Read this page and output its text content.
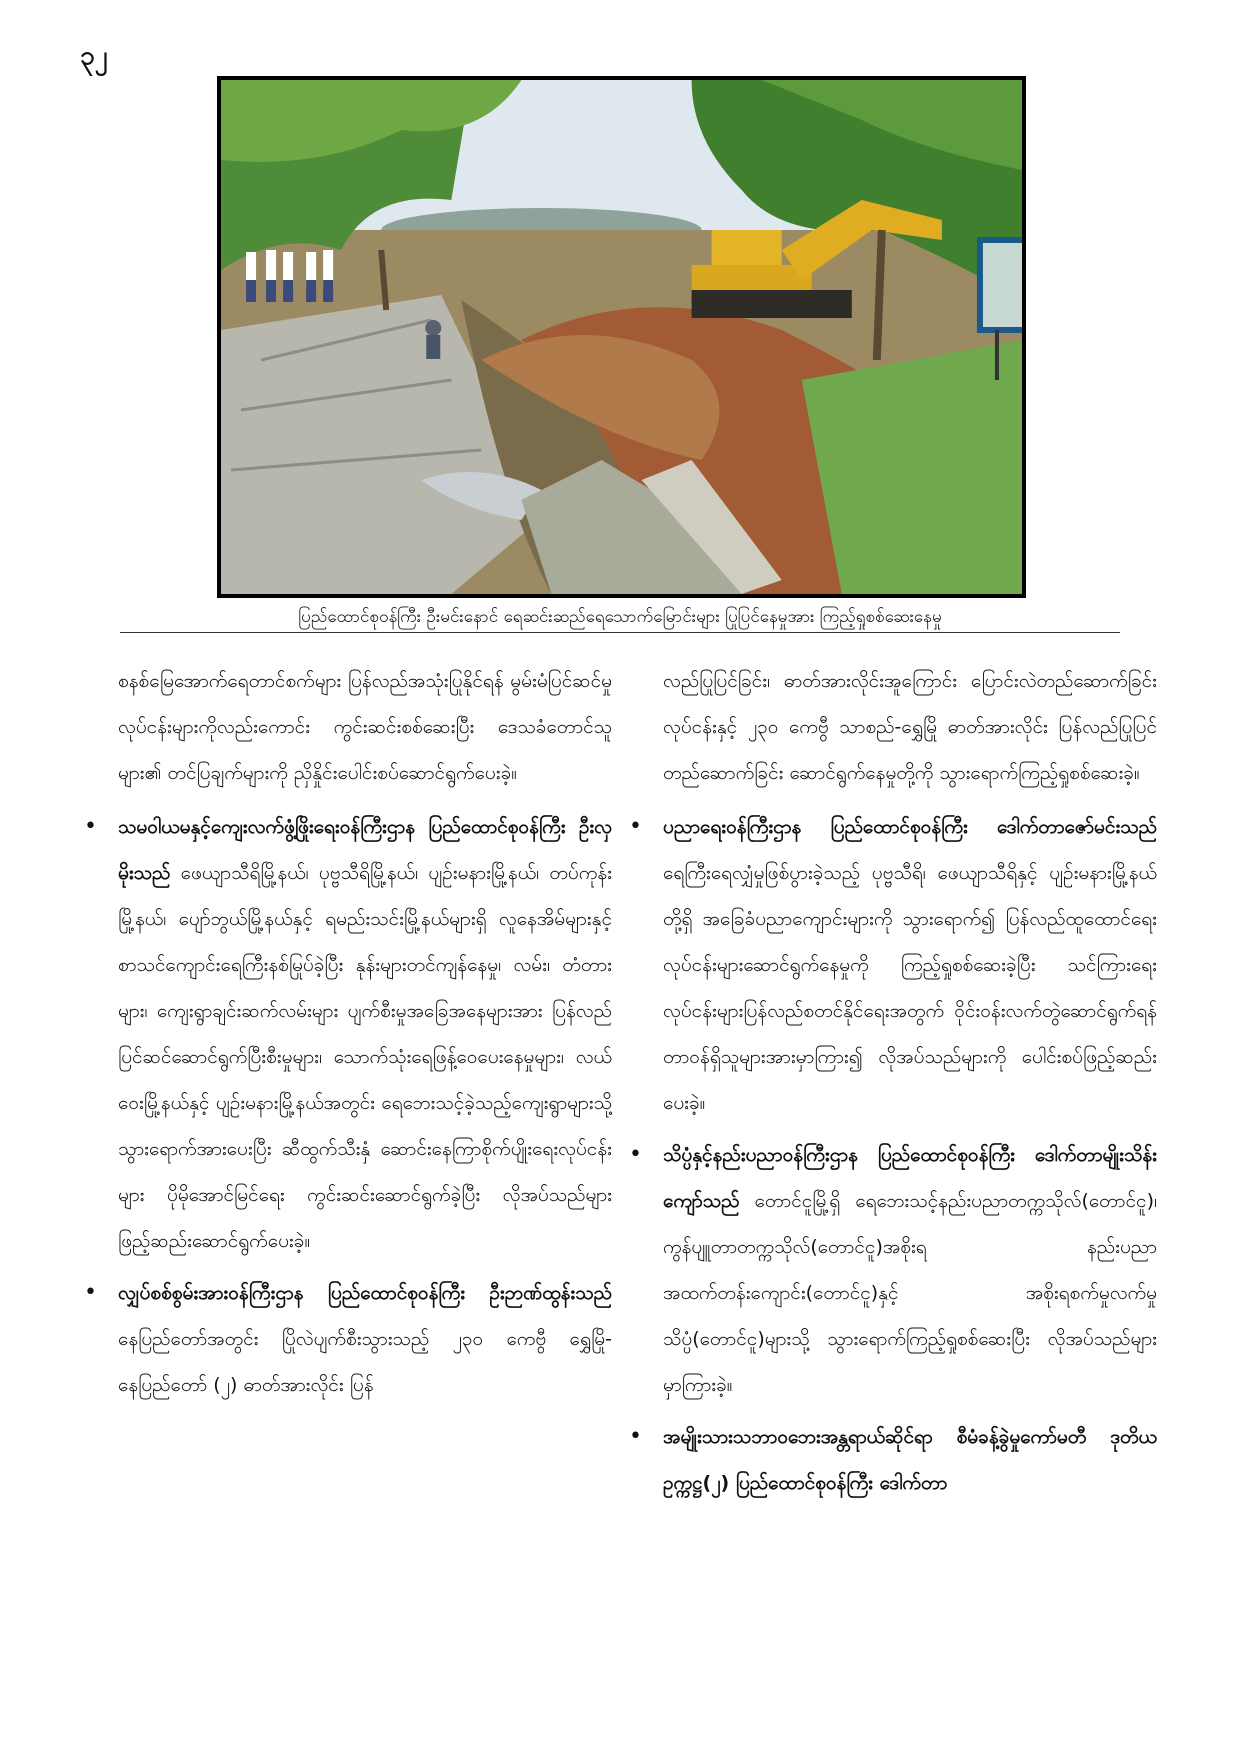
၃၂
ပြည်ထောင်စုဝန်ကြီး ဦးမင်းနောင် ရေဆင်းဆည်ရေသောက်မြောင်းများ ပြုပြင်နေမှုအား ကြည့်ရှုစစ်ဆေးနေမှု

စနစ်မြေအောက်ရေတာင်စက်များ ပြန်လည်အသုံးပြုနိုင်ရန် မွမ်းမံပြင်ဆင်မှုလုပ်ငန်းများကိုလည်းကောင်း ကွင်းဆင်းစစ်ဆေးပြီး ဒေသခံတောင်သူများ၏ တင်ပြချက်များကို ညှိနှိုင်းပေါင်းစပ်ဆောင်ရွက်ပေးခဲ့။

• သမဝါယမနှင့်ကျေးလက်ဖွံ့ဖြိုးရေးဝန်ကြီးဌာန ပြည်ထောင်စုဝန်ကြီး ဦးလှမိုးသည် ဖေယျာသီရိမြို့နယ်၊ ပုဗ္ဗသီရိမြို့နယ်၊ ပျဉ်းမနားမြို့နယ်၊ တပ်ကုန်းမြို့နယ်၊ ပျော်ဘွယ်မြို့နယ်နှင့် ရမည်းသင်းမြို့နယ်များရှိ လူနေအိမ်များနှင့် စာသင်ကျောင်းရေကြီးနစ်မြုပ်ခဲ့ပြီး နုန်းများတင်ကျန်နေမှု၊ လမ်း၊ တံတားများ၊ ကျေးရွာချင်းဆက်လမ်းများ ပျက်စီးမှုအခြေအနေများအား ပြန်လည်ပြင်ဆင်ဆောင်ရွက်ပြီးစီးမှုများ၊ သောက်သုံးရေဖြန့်ဝေပေးနေမှုများ၊ လယ်ဝေးမြို့နယ်နှင့် ပျဉ်းမနားမြို့နယ်အတွင်း ရေဘေးသင့်ခဲ့သည့်ကျေးရွာများသို့ သွားရောက်အားပေးပြီး ဆီထွက်သီးနှံ ဆောင်းနေကြာစိုက်ပျိုးရေးလုပ်ငန်းများ ပိုမိုအောင်မြင်ရေး ကွင်းဆင်းဆောင်ရွက်ခဲ့ပြီး လိုအပ်သည်များဖြည့်ဆည်းဆောင်ရွက်ပေးခဲ့။
• လျှပ်စစ်စွမ်းအားဝန်ကြီးဌာန ပြည်ထောင်စုဝန်ကြီး ဦးဉာဏ်ထွန်းသည် နေပြည်တော်အတွင်း ပြိုလဲပျက်စီးသွားသည့် ၂၃၀ ကေဗွီ ရွှေမြို-နေပြည်တော် (၂) ဓာတ်အားလိုင်း ပြန်

လည်ပြုပြင်ခြင်း၊ ဓာတ်အားလိုင်းအူကြောင်း ပြောင်းလဲတည်ဆောက်ခြင်းလုပ်ငန်းနှင့် ၂၃၀ ကေဗွီ သာစည်-ရွှေမြို ဓာတ်အားလိုင်း ပြန်လည်ပြုပြင်တည်ဆောက်ခြင်း ဆောင်ရွက်နေမှုတို့ကို သွားရောက်ကြည့်ရှုစစ်ဆေးခဲ့။

• ပညာရေးဝန်ကြီးဌာန ပြည်ထောင်စုဝန်ကြီး ဒေါက်တာဇော်မင်းသည် ရေကြီးရေလျှံမှုဖြစ်ပွားခဲ့သည့် ပုဗ္ဗသီရိ၊ ဖေယျာသီရိနှင့် ပျဉ်းမနားမြို့နယ်တို့ရှိ အခြေခံပညာကျောင်းများကို သွားရောက်၍ ပြန်လည်ထူထောင်ရေးလုပ်ငန်းများဆောင်ရွက်နေမှုကို ကြည့်ရှုစစ်ဆေးခဲ့ပြီး သင်ကြားရေးလုပ်ငန်းများပြန်လည်စတင်နိုင်ရေးအတွက် ဝိုင်းဝန်းလက်တွဲဆောင်ရွက်ရန်တာဝန်ရှိသူများအားမှာကြား၍ လိုအပ်သည်များကို ပေါင်းစပ်ဖြည့်ဆည်းပေးခဲ့။
• သိပ္ပံနှင့်နည်းပညာဝန်ကြီးဌာန ပြည်ထောင်စုဝန်ကြီး ဒေါက်တာမျိုးသိန်းကျော်သည် တောင်ငူမြို့ရှိ ရေဘေးသင့်နည်းပညာတက္ကသိုလ်(တောင်ငူ)၊ ကွန်ပျူတာတက္ကသိုလ်(တောင်ငူ)အစိုးရ နည်းပညာအထက်တန်းကျောင်း(တောင်ငူ)နှင့် အစိုးရစက်မှုလက်မှုသိပ္ပံ(တောင်ငူ)များသို့ သွားရောက်ကြည့်ရှုစစ်ဆေးပြီး လိုအပ်သည်များမှာကြားခဲ့။
• အမျိုးသားသဘာဝဘေးအန္တရာယ်ဆိုင်ရာ စီမံခန့်ခွဲမှုကော်မတီ ဒုတိယဥက္ကဋ္ဌ(၂) ပြည်ထောင်စုဝန်ကြီး ဒေါက်တာ
